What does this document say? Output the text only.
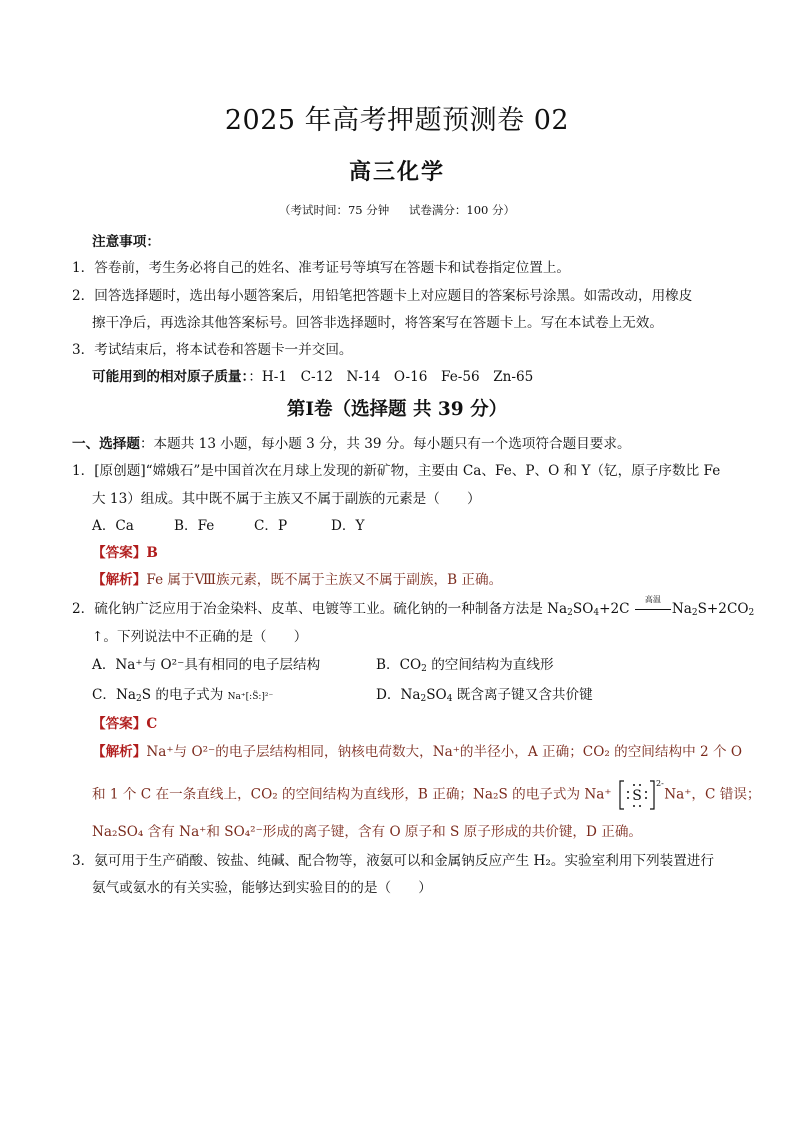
2025 年高考押题预测卷 02
高三化学
（考试时间：75 分钟 试卷满分：100 分）
注意事项：
1．答卷前，考生务必将自己的姓名、准考证号等填写在答题卡和试卷指定位置上。
2．回答选择题时，选出每小题答案后，用铅笔把答题卡上对应题目的答案标号涂黑。如需改动，用橡皮
擦干净后，再选涂其他答案标号。回答非选择题时，将答案写在答题卡上。写在本试卷上无效。
3．考试结束后，将本试卷和答题卡一并交回。
可能用到的相对原子质量：：H-1　C-12　N-14　O-16　Fe-56　Zn-65
第Ⅰ卷（选择题 共 39 分）
一、选择题：本题共 13 小题，每小题 3 分，共 39 分。每小题只有一个选项符合题目要求。
1．[原创题]“嫦娥石”是中国首次在月球上发现的新矿物，主要由 Ca、Fe、P、O 和 Y（钇，原子序数比 Fe
大 13）组成。其中既不属于主族又不属于副族的元素是（　　）
A．Ca	B．Fe	C．P	D．Y
【答案】B
【解析】Fe 属于Ⅷ族元素，既不属于主族又不属于副族，B 正确。
2．硫化钠广泛应用于冶金染料、皮革、电镀等工业。硫化钠的一种制备方法是 $Na_2SO_4+2C$
高温
$Na_2S+2CO_2$
↑。下列说法中不正确的是（　　）
A．Na⁺与 O²⁻具有相同的电子层结构	B．$CO_2$ 的空间结构为直线形
C．$Na_2S$ 的电子式为 Na⁺[:S̈:]²⁻	D．$Na_2SO_4$ 既含离子键又含共价键
【答案】C
【解析】Na⁺与 O²⁻的电子层结构相同，钠核电荷数大，Na⁺的半径小，A 正确；CO₂ 的空间结构中 2 个 O
和 1 个 C 在一条直线上，CO₂ 的空间结构为直线形，B 正确；Na₂S 的电子式为 Na⁺ S
2-
Na⁺，C 错误；
Na₂SO₄ 含有 Na⁺和 SO₄²⁻形成的离子键，含有 O 原子和 S 原子形成的共价键，D 正确。
3．氨可用于生产硝酸、铵盐、纯碱、配合物等，液氨可以和金属钠反应产生 H₂。实验室利用下列装置进行
氨气或氨水的有关实验，能够达到实验目的的是（　　）
